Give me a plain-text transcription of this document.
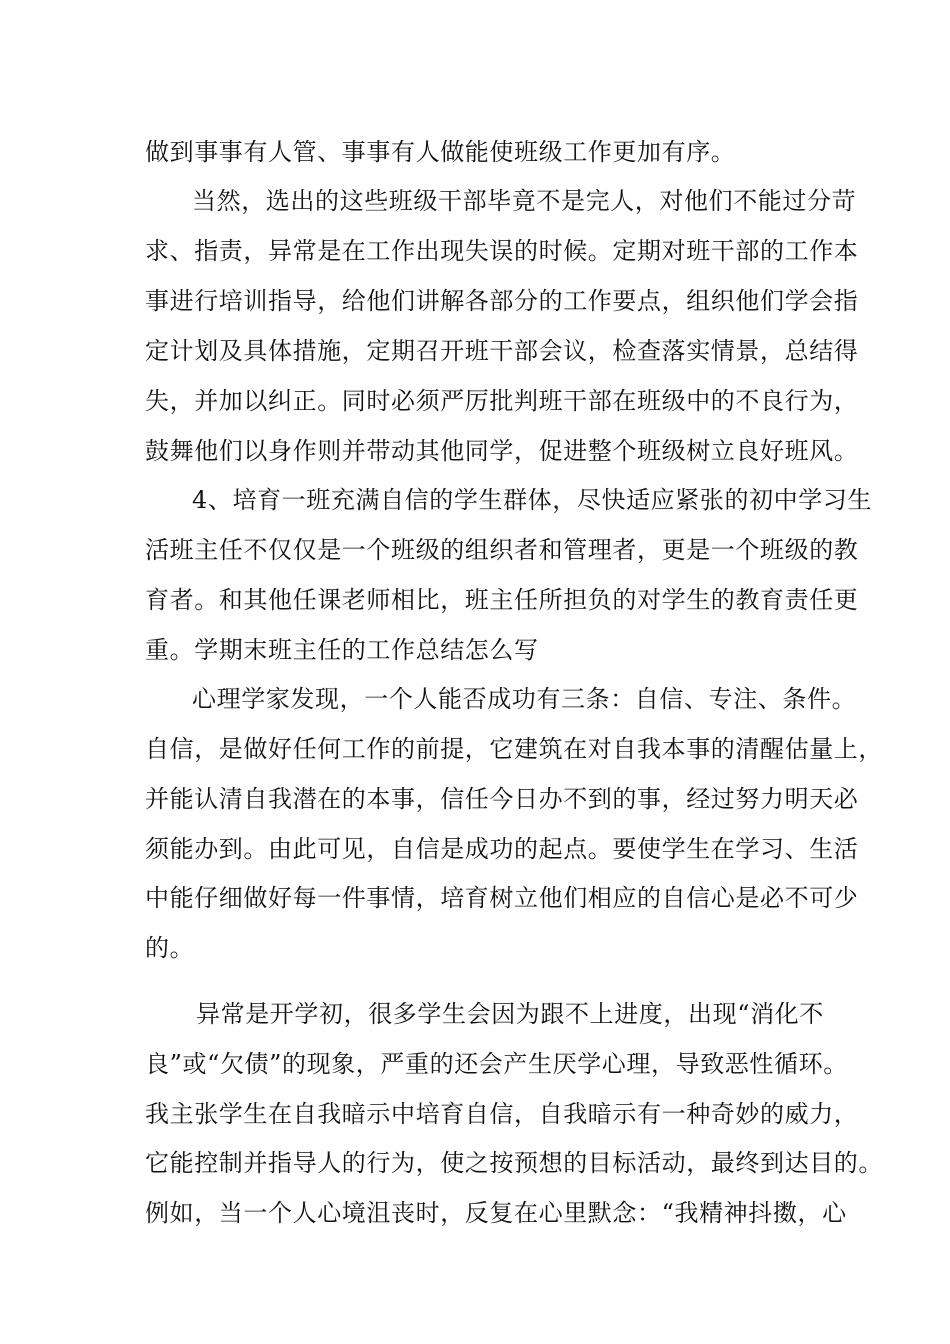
做到事事有人管、事事有人做能使班级工作更加有序。
当然，选出的这些班级干部毕竟不是完人，对他们不能过分苛
求、指责，异常是在工作出现失误的时候。定期对班干部的工作本
事进行培训指导，给他们讲解各部分的工作要点，组织他们学会指
定计划及具体措施，定期召开班干部会议，检查落实情景，总结得
失，并加以纠正。同时必须严厉批判班干部在班级中的不良行为，
鼓舞他们以身作则并带动其他同学，促进整个班级树立良好班风。
4、培育一班充满自信的学生群体，尽快适应紧张的初中学习生
活班主任不仅仅是一个班级的组织者和管理者，更是一个班级的教
育者。和其他任课老师相比，班主任所担负的对学生的教育责任更
重。学期末班主任的工作总结怎么写
心理学家发现，一个人能否成功有三条：自信、专注、条件。
自信，是做好任何工作的前提，它建筑在对自我本事的清醒估量上，
并能认清自我潜在的本事，信任今日办不到的事，经过努力明天必
须能办到。由此可见，自信是成功的起点。要使学生在学习、生活
中能仔细做好每一件事情，培育树立他们相应的自信心是必不可少
的。
异常是开学初，很多学生会因为跟不上进度，出现“消化不
良”或“欠债”的现象，严重的还会产生厌学心理，导致恶性循环。
我主张学生在自我暗示中培育自信，自我暗示有一种奇妙的威力，
它能控制并指导人的行为，使之按预想的目标活动，最终到达目的。
例如，当一个人心境沮丧时，反复在心里默念：“我精神抖擞，心
